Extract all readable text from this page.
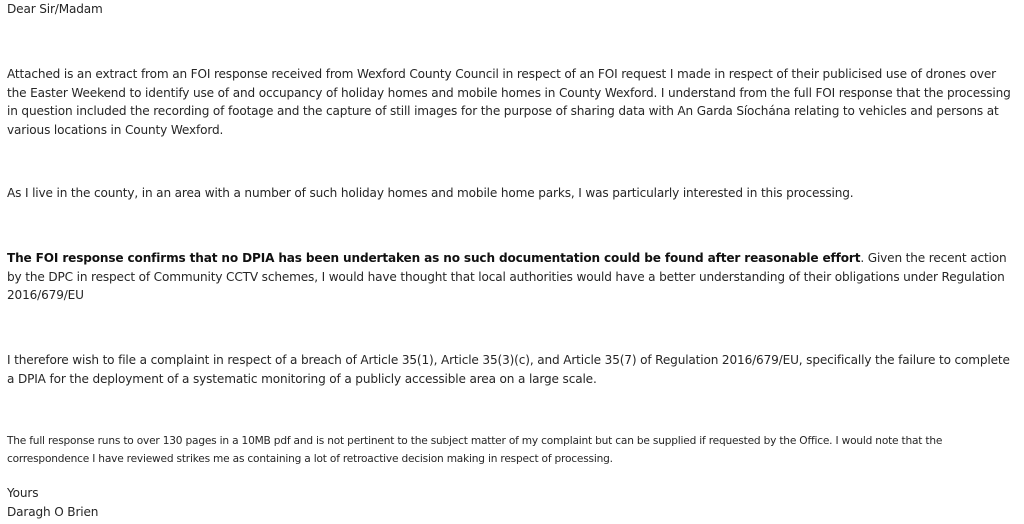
Dear Sir/Madam

Attached is an extract from an FOI response received from Wexford County Council in respect of an FOI request I made in respect of their publicised use of drones over the Easter Weekend to identify use of and occupancy of holiday homes and mobile homes in County Wexford. I understand from the full FOI response that the processing in question included the recording of footage and the capture of still images for the purpose of sharing data with An Garda Síochána relating to vehicles and persons at various locations in County Wexford.

As I live in the county, in an area with a number of such holiday homes and mobile home parks, I was particularly interested in this processing.

The FOI response confirms that no DPIA has been undertaken as no such documentation could be found after reasonable effort. Given the recent action by the DPC in respect of Community CCTV schemes, I would have thought that local authorities would have a better understanding of their obligations under Regulation 2016/679/EU

I therefore wish to file a complaint in respect of a breach of Article 35(1), Article 35(3)(c), and Article 35(7) of Regulation 2016/679/EU, specifically the failure to complete a DPIA for the deployment of a systematic monitoring of a publicly accessible area on a large scale.

The full response runs to over 130 pages in a 10MB pdf and is not pertinent to the subject matter of my complaint but can be supplied if requested by the Office. I would note that the correspondence I have reviewed strikes me as containing a lot of retroactive decision making in respect of processing.

Yours
Daragh O Brien
